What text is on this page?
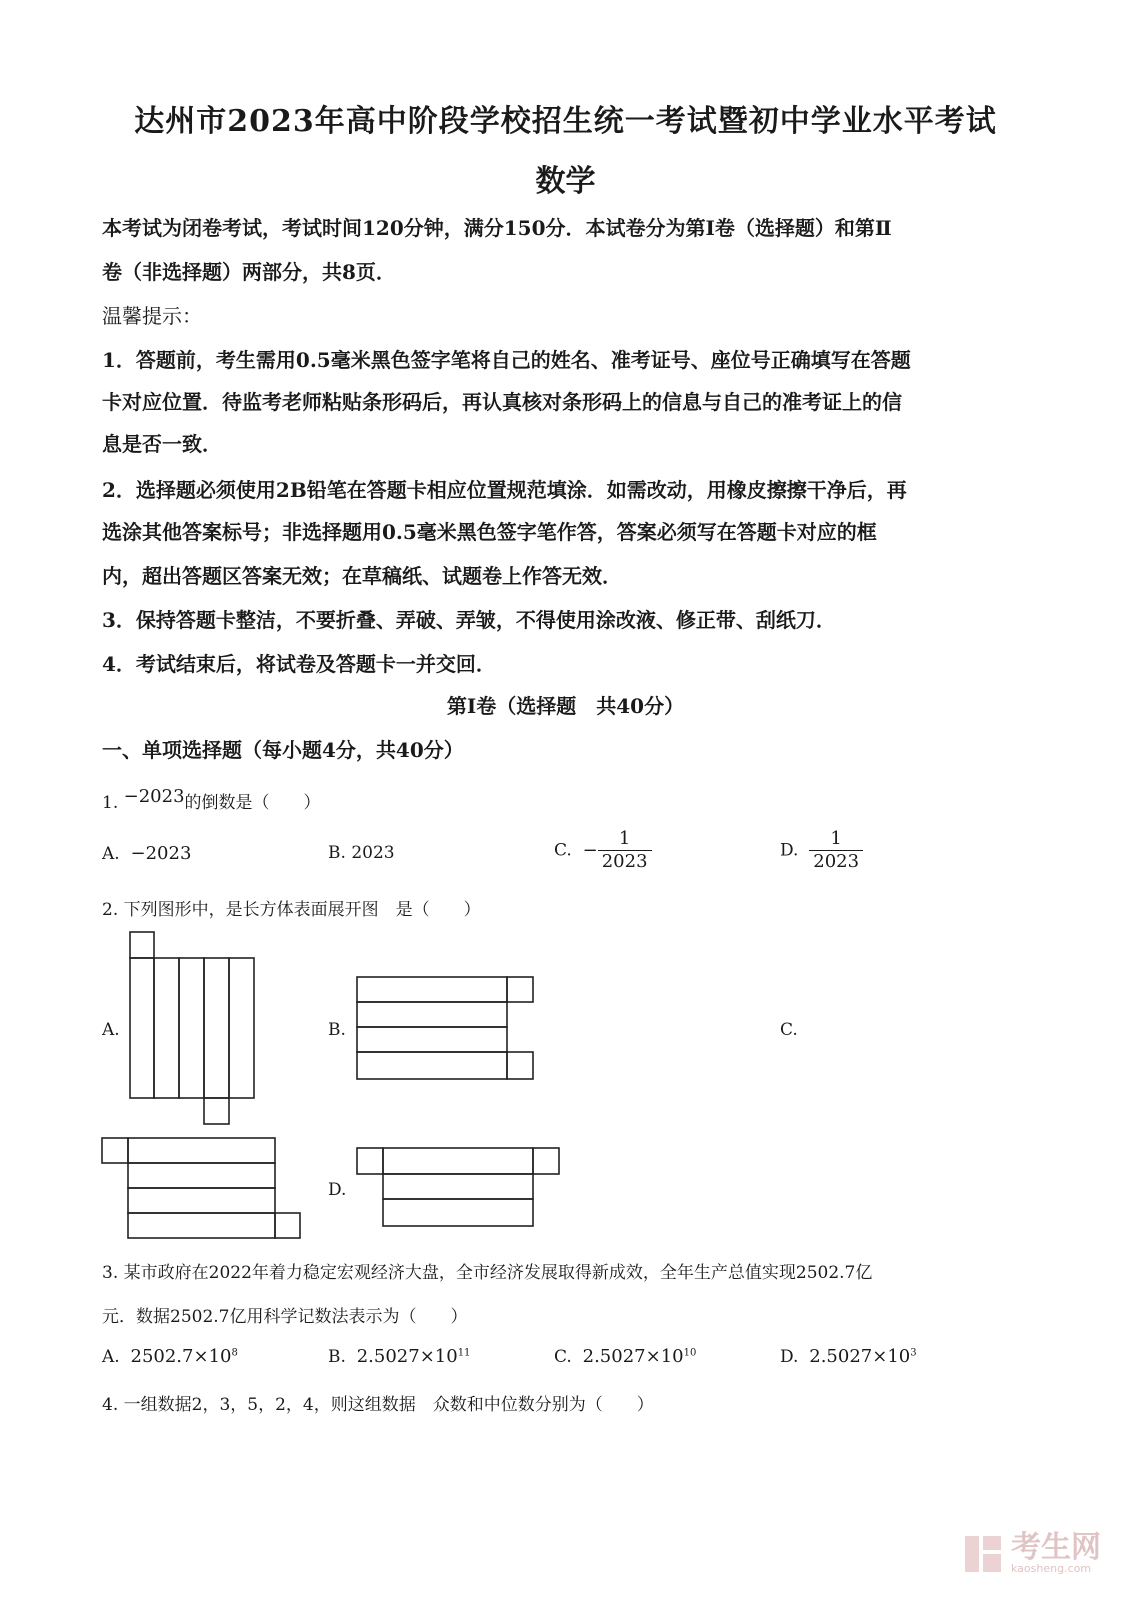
达州市2023年高中阶段学校招生统一考试暨初中学业水平考试
数学
本考试为闭卷考试，考试时间120分钟，满分150分．本试卷分为第Ⅰ卷（选择题）和第Ⅱ
卷（非选择题）两部分，共8页．
温馨提示：
1．答题前，考生需用0.5毫米黑色签字笔将自己的姓名、准考证号、座位号正确填写在答题
卡对应位置．待监考老师粘贴条形码后，再认真核对条形码上的信息与自己的准考证上的信
息是否一致．
2．选择题必须使用2B铅笔在答题卡相应位置规范填涂．如需改动，用橡皮擦擦干净后，再
选涂其他答案标号；非选择题用0.5毫米黑色签字笔作答，答案必须写在答题卡对应的框
内，超出答题区答案无效；在草稿纸、试题卷上作答无效．
3．保持答题卡整洁，不要折叠、弄破、弄皱，不得使用涂改液、修正带、刮纸刀．
4．考试结束后，将试卷及答题卡一并交回．
第Ⅰ卷（选择题　共40分）
一、单项选择题（每小题4分，共40分）
1. −2023的倒数是（　　）
A. −2023	B. 2023	C. − $\frac{1}{2023}$	D. $\frac{1}{2023}$
2. 下列图形中，是长方体表面展开图　是（　　）
A.	B.	C.
D.
3. 某市政府在2022年着力稳定宏观经济大盘，全市经济发展取得新成效，全年生产总值实现2502.7亿
元．数据2502.7亿用科学记数法表示为（　　）
A. $2502.7\times 10^8$	B. $2.5027\times 10^{11}$	C. $2.5027\times 10^{10}$	D. $2.5027\times 10^3$
4. 一组数据2，3，5，2，4，则这组数据　众数和中位数分别为（　　）
考生网
kaosheng.com
